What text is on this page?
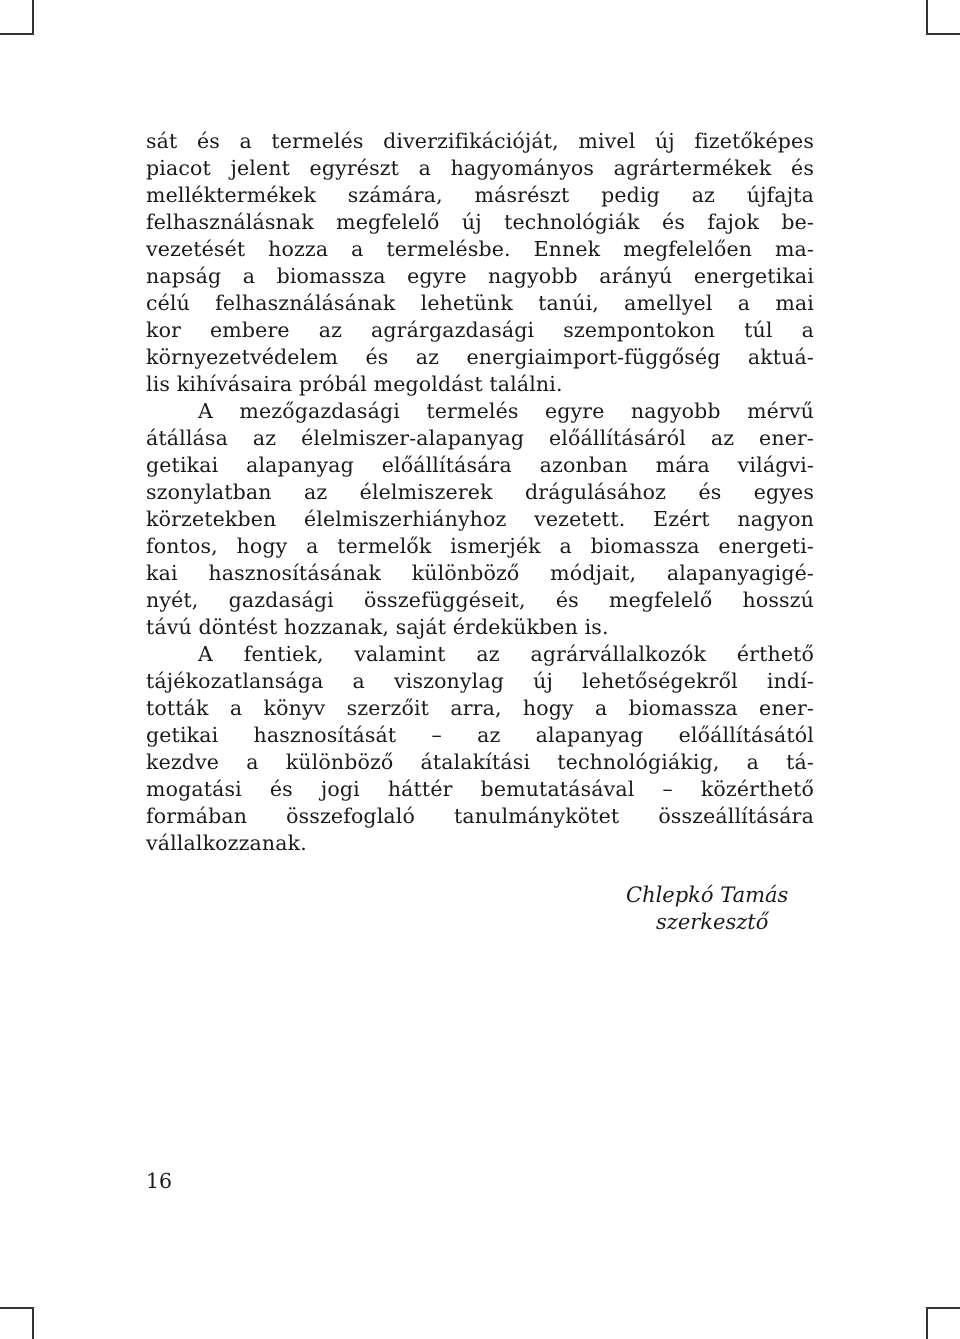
sát és a termelés diverzifikációját, mivel új fizetőképes
piacot jelent egyrészt a hagyományos agrártermékek és
melléktermékek számára, másrészt pedig az újfajta
felhasználásnak megfelelő új technológiák és fajok be-
vezetését hozza a termelésbe. Ennek megfelelően ma-
napság a biomassza egyre nagyobb arányú energetikai
célú felhasználásának lehetünk tanúi, amellyel a mai
kor embere az agrárgazdasági szempontokon túl a
környezetvédelem és az energiaimport-függőség aktuá-
lis kihívásaira próbál megoldást találni.
A mezőgazdasági termelés egyre nagyobb mérvű
átállása az élelmiszer-alapanyag előállításáról az ener-
getikai alapanyag előállítására azonban mára világvi-
szonylatban az élelmiszerek drágulásához és egyes
körzetekben élelmiszerhiányhoz vezetett. Ezért nagyon
fontos, hogy a termelők ismerjék a biomassza energeti-
kai hasznosításának különböző módjait, alapanyagigé-
nyét, gazdasági összefüggéseit, és megfelelő hosszú
távú döntést hozzanak, saját érdekükben is.
A fentiek, valamint az agrárvállalkozók érthető
tájékozatlansága a viszonylag új lehetőségekről indí-
tották a könyv szerzőit arra, hogy a biomassza ener-
getikai hasznosítását – az alapanyag előállításától
kezdve a különböző átalakítási technológiákig, a tá-
mogatási és jogi háttér bemutatásával – közérthető
formában összefoglaló tanulmánykötet összeállítására
vállalkozzanak.
Chlepkó Tamás
szerkesztő
16
